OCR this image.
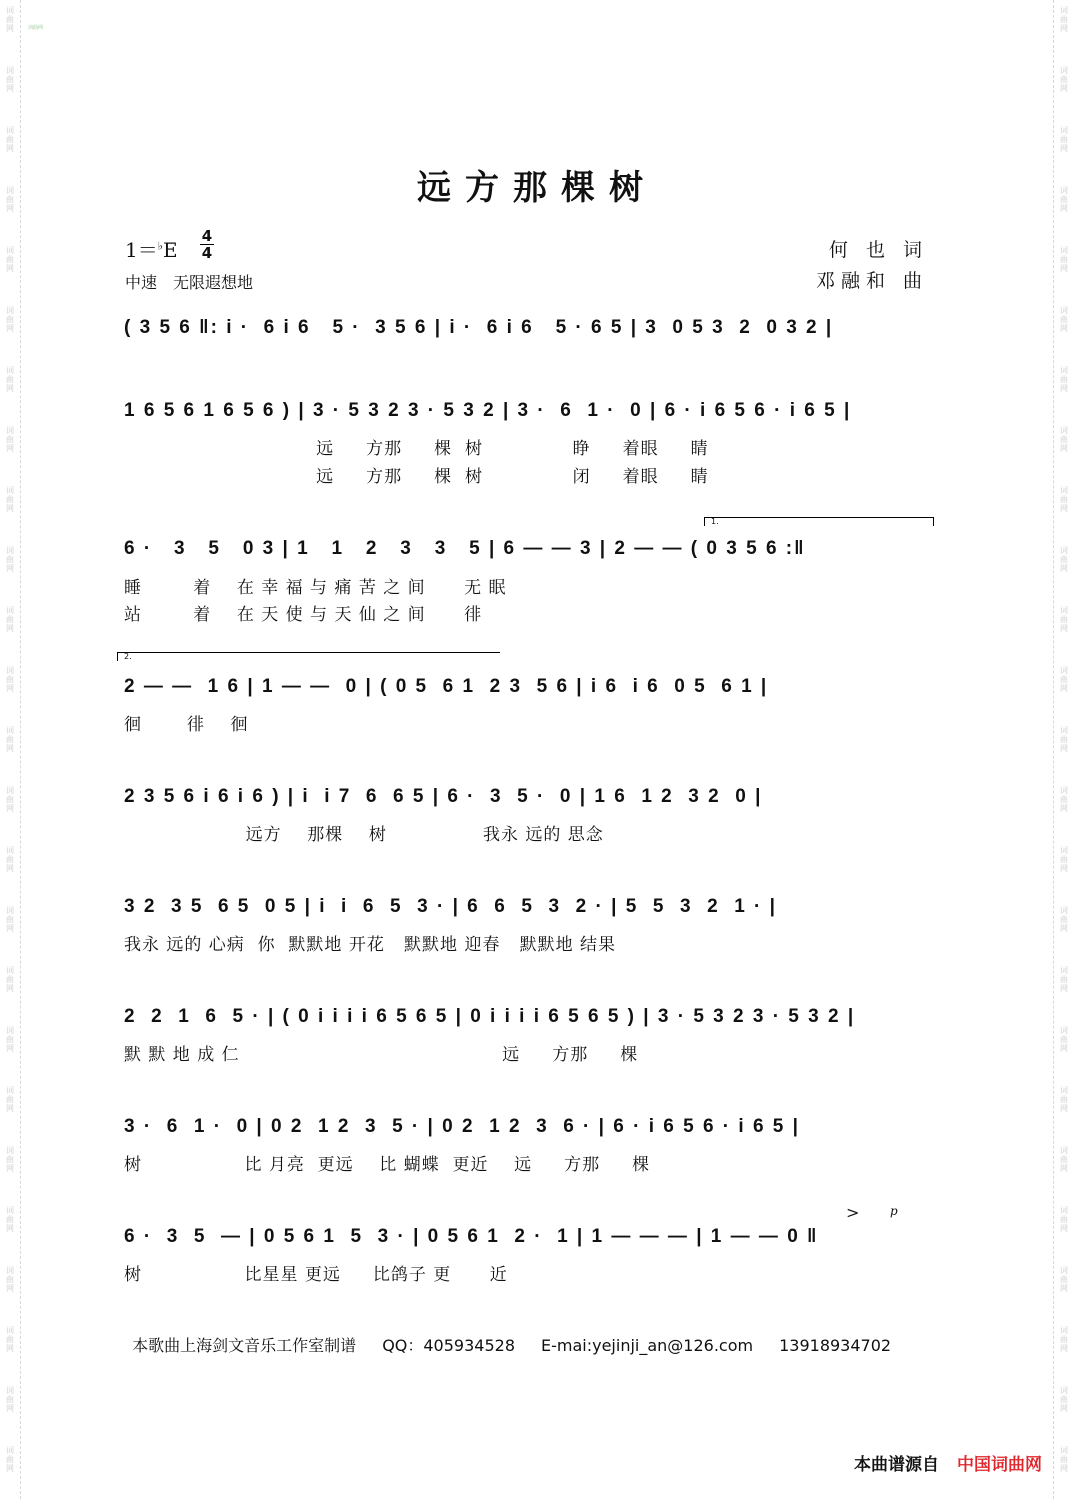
词
曲
网
词
曲
网
词
曲
网
词
曲
网
词
曲
网
词
曲
网
词
曲
网
词
曲
网
词
曲
网
词
曲
网
词
曲
网
词
曲
网
词
曲
网
词
曲
网
词
曲
网
词
曲
网
词
曲
网
词
曲
网
词
曲
网
词
曲
网
词
曲
网
词
曲
网
词
曲
网
词
曲
网
词
曲
网
词
曲
网
词
曲
网
词
曲
网
词
曲
网
词
曲
网
词
曲
网
词
曲
网
词
曲
网
词
曲
网
词
曲
网
词
曲
网
词
曲
网
词
曲
网
词
曲
网
词
曲
网
词
曲
网
词
曲
网
词
曲
网
词
曲
网
词
曲
网
词
曲
网
词
曲
网
词
曲
网
词
曲
网
词
曲
网
词曲网
远方那棵树
1＝♭E
4
4
中速　无限遐想地
何 也 词
邓融和 曲
( 3 5 6 ‖: i ·  6 i 6   5 ·  3 5 6 | i ·  6 i 6   5 · 6 5 | 3  0 5 3  2  0 3 2 |
1 6 5 6 1 6 5 6 ) | 3 · 5 3 2 3 · 5 3 2 | 3 ·  6  1 ·  0 | 6 · i 6 5 6 · i 6 5 |
远     方那     棵  树              睁     着眼     睛
远     方那     棵  树              闭     着眼     睛
1.
6 ·   3   5   0 3 | 1   1   2   3   3   5 | 6 — — 3 | 2 — — ( 0 3 5 6 :‖
睡        着    在 幸 福 与 痛 苦 之 间      无 眠
站        着    在 天 使 与 天 仙 之 间      徘
2.
2 — —  1 6 | 1 — —  0 | ( 0 5  6 1  2 3  5 6 | i 6  i 6  0 5  6 1 |
徊       徘    徊
2 3 5 6 i 6 i 6 ) | i  i 7  6  6 5 | 6 ·  3  5 ·  0 | 1 6  1 2  3 2  0 |
远方    那棵    树               我永 远的 思念
3 2  3 5  6 5  0 5 | i  i  6  5  3 · | 6  6  5  3  2 · | 5  5  3  2  1 · |
我永 远的 心病  你  默默地 开花   默默地 迎春   默默地 结果
2  2  1  6  5 · | ( 0 i i i i 6 5 6 5 | 0 i i i i 6 5 6 5 ) | 3 · 5 3 2 3 · 5 3 2 |
默 默 地 成 仁                                         远     方那     棵
3 ·  6  1 ·  0 | 0 2  1 2  3  5 · | 0 2  1 2  3  6 · | 6 · i 6 5 6 · i 6 5 |
树                比 月亮  更远    比 蝴蝶  更近    远     方那     棵
>	p
6 ·  3  5  — | 0 5 6 1  5  3 · | 0 5 6 1  2 ·  1 | 1 — — — | 1 — — 0 ‖
树                比星星 更远     比鸽子 更      近

本歌曲上海剑文音乐工作室制谱 QQ：405934528 E-mai:yejinji_an@126.com 13918934702

本曲谱源自 中国词曲网
